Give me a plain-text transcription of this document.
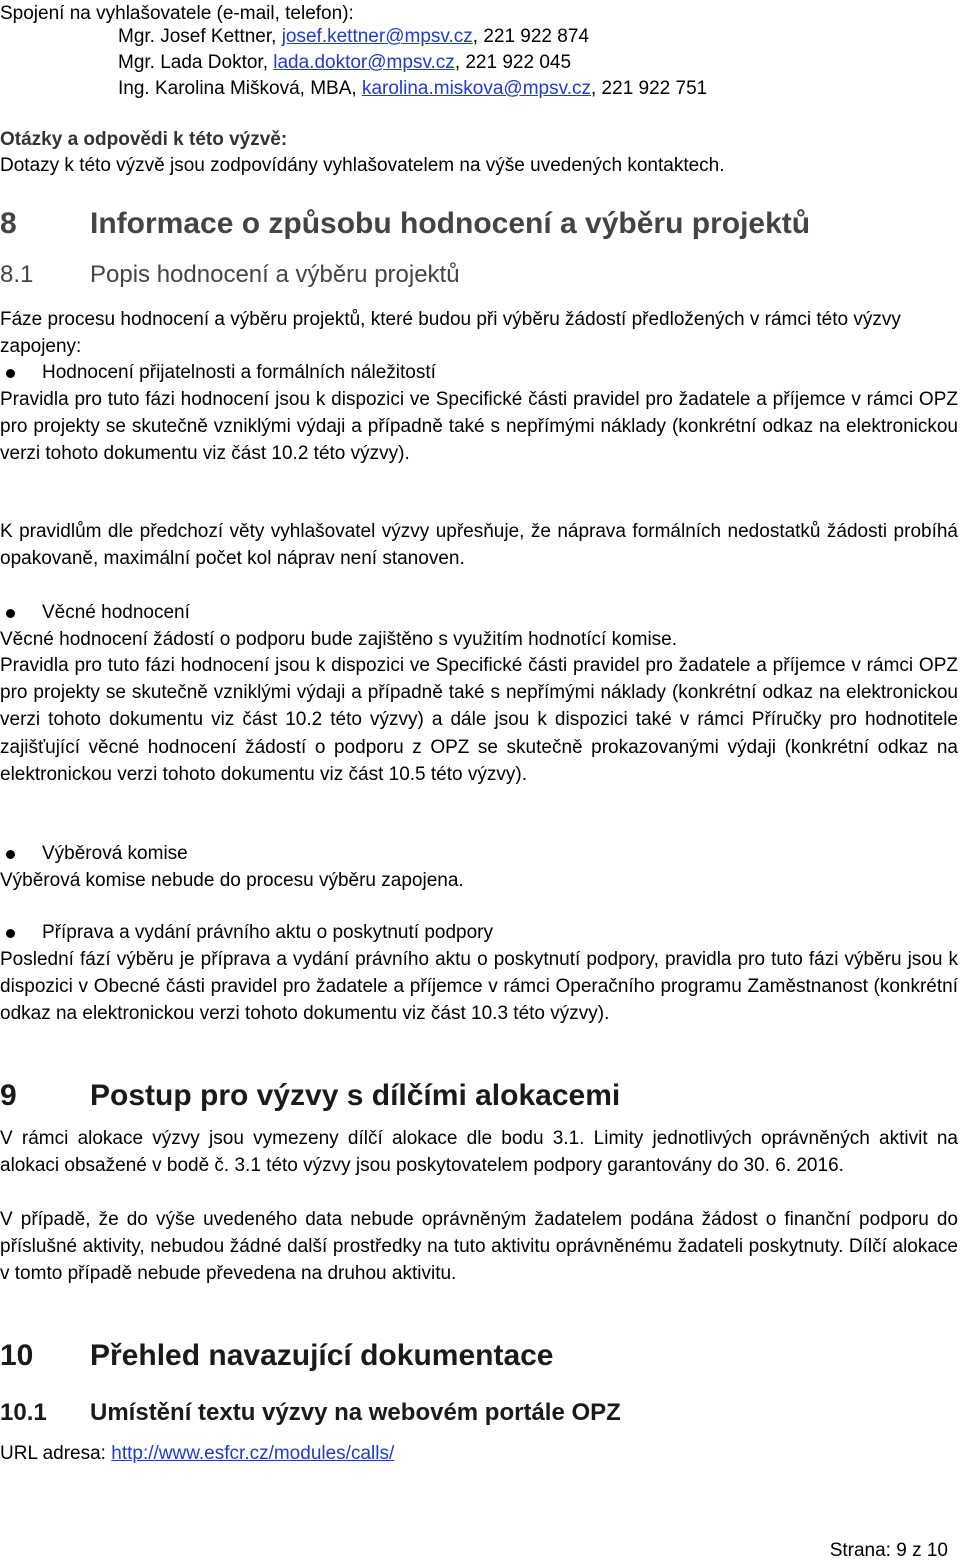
Spojení na vyhlašovatele (e-mail, telefon):
Mgr. Josef Kettner, josef.kettner@mpsv.cz, 221 922 874
Mgr. Lada Doktor, lada.doktor@mpsv.cz, 221 922 045
Ing. Karolina Mišková, MBA, karolina.miskova@mpsv.cz, 221 922 751
Otázky a odpovědi k této výzvě:
Dotazy k této výzvě jsou zodpovídány vyhlašovatelem na výše uvedených kontaktech.
8 Informace o způsobu hodnocení a výběru projektů
8.1 Popis hodnocení a výběru projektů
Fáze procesu hodnocení a výběru projektů, které budou při výběru žádostí předložených v rámci této výzvy zapojeny:
Hodnocení přijatelnosti a formálních náležitostí
Pravidla pro tuto fázi hodnocení jsou k dispozici ve Specifické části pravidel pro žadatele a příjemce v rámci OPZ pro projekty se skutečně vzniklými výdaji a případně také s nepřímými náklady (konkrétní odkaz na elektronickou verzi tohoto dokumentu viz část 10.2 této výzvy).
K pravidlům dle předchozí věty vyhlašovatel výzvy upřesňuje, že náprava formálních nedostatků žádosti probíhá opakovaně, maximální počet kol náprav není stanoven.
Věcné hodnocení
Věcné hodnocení žádostí o podporu bude zajištěno s využitím hodnotící komise.
Pravidla pro tuto fázi hodnocení jsou k dispozici ve Specifické části pravidel pro žadatele a příjemce v rámci OPZ pro projekty se skutečně vzniklými výdaji a případně také s nepřímými náklady (konkrétní odkaz na elektronickou verzi tohoto dokumentu viz část 10.2 této výzvy) a dále jsou k dispozici také v rámci Příručky pro hodnotitele zajišťující věcné hodnocení žádostí o podporu z OPZ se skutečně prokazovanými výdaji (konkrétní odkaz na elektronickou verzi tohoto dokumentu viz část 10.5 této výzvy).
Výběrová komise
Výběrová komise nebude do procesu výběru zapojena.
Příprava a vydání právního aktu o poskytnutí podpory
Poslední fází výběru je příprava a vydání právního aktu o poskytnutí podpory, pravidla pro tuto fázi výběru jsou k dispozici v Obecné části pravidel pro žadatele a příjemce v rámci Operačního programu Zaměstnanost (konkrétní odkaz na elektronickou verzi tohoto dokumentu viz část 10.3 této výzvy).
9 Postup pro výzvy s dílčími alokacemi
V rámci alokace výzvy jsou vymezeny dílčí alokace dle bodu 3.1. Limity jednotlivých oprávněných aktivit na alokaci obsažené v bodě č. 3.1 této výzvy jsou poskytovatelem podpory garantovány do 30. 6. 2016.
V případě, že do výše uvedeného data nebude oprávněným žadatelem podána žádost o finanční podporu do příslušné aktivity, nebudou žádné další prostředky na tuto aktivitu oprávněnému žadateli poskytnuty. Dílčí alokace v tomto případě nebude převedena na druhou aktivitu.
10 Přehled navazující dokumentace
10.1 Umístění textu výzvy na webovém portále OPZ
URL adresa: http://www.esfcr.cz/modules/calls/
Strana: 9 z 10
